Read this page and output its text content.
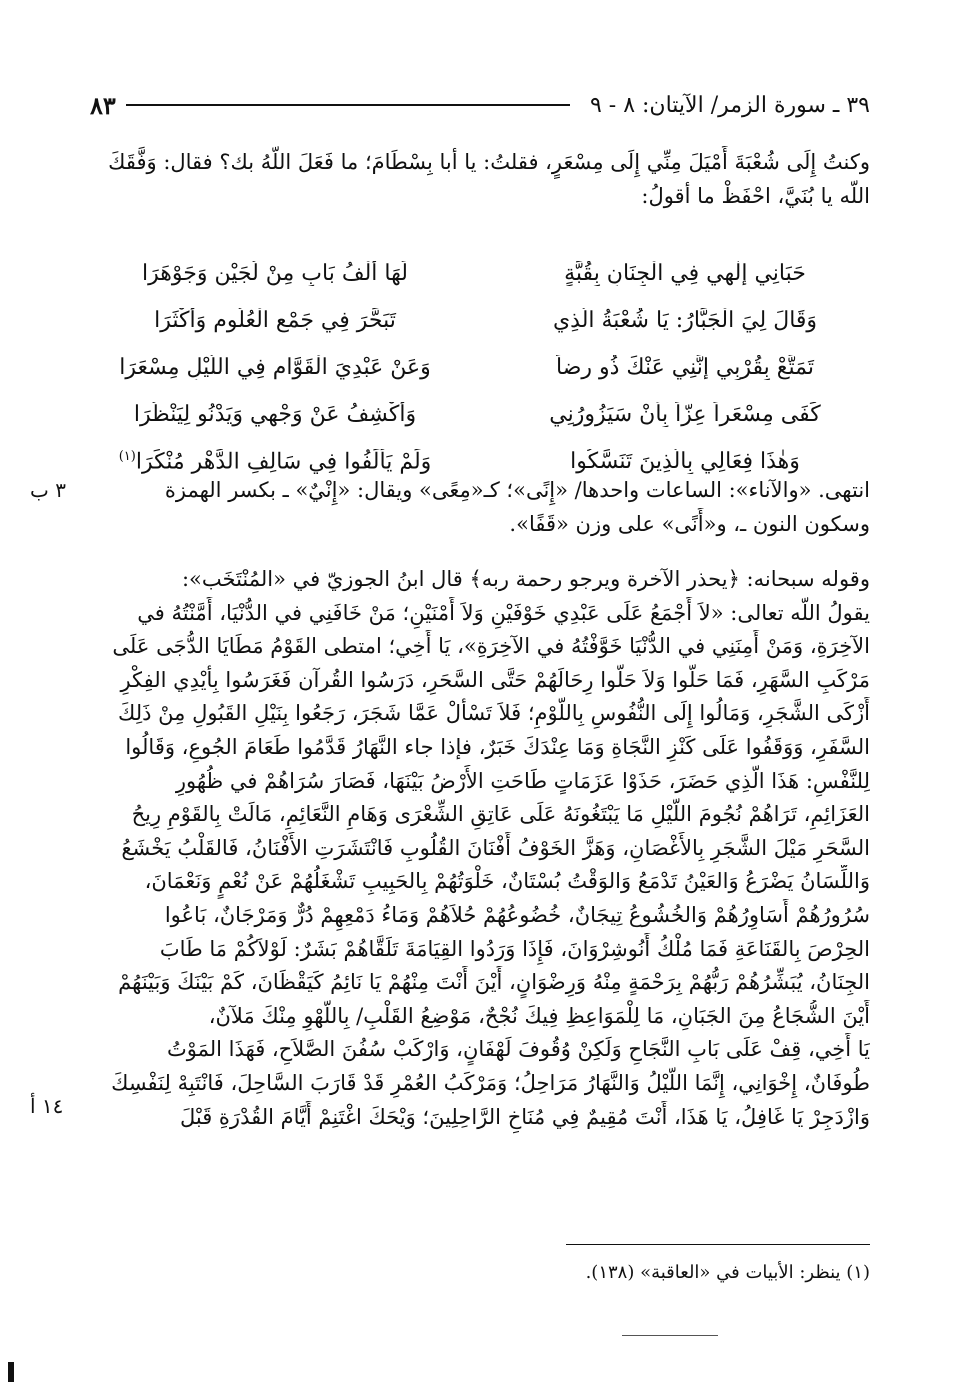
٣٩ ـ سورة الزمر/ الآيتان: ٨ - ٩
٨٣
وكنتُ إِلَى شُعْبَةَ أَمْيَلَ مِنِّي إِلَى مِسْعَرٍ، فقلتُ: يا أبا بِسْطَامَ؛ ما فَعَلَ اللّهُ بك؟ فقال: وَفَّقَكَ
اللّه يا بُنَيَّ، احْفَظْ ما أقولُ:
حَبَانِي إِلٰهِي فِي الْجِنَانِ بِقُبَّةٍ
لَهَا أَلْفُ بَابٍ مِنْ لُجَيْنٍ وَجَوْهَرَا
وَقَالَ لِيَ الْجَبَّارُ: يَا شُعْبَةُ الَّذِي
تَبَحَّرَ فِي جَمْعِ الْعُلُومِ وَأَكْثَرَا
تَمَتَّعْ بِقُرْبِي إِنَّنِي عَنْكَ ذُو رِضاً
وَعَنْ عَبْدِيَ الْقَوَّامِ فِي اللَّيْلِ مِسْعَرَا
كَفَى مِسْعَراً عِزّاً بِأَنْ سَيَزُورُنِي
وَأَكْشِفُ عَنْ وَجْهِي وَيَدْنُو لِيَنْظُرَا
وَهٰذَا فِعَالِي بِالَّذِينَ تَنَسَّكُوا
وَلَمْ يَأْلَفُوا فِي سَالِفِ الدَّهْرِ مُنْكَرَا$^{(١)}$
انتهى. «والآناء»: الساعات واحدها/ «إِنًى»؛ كـ«مِعًى» ويقال: «إِنْيٌ» ـ بكسر الهمزة
وسكون النون ـ، و«أَنًى» على وزن «قَفًا».
٣ ب
وقوله سبحانه: ﴿يحذر الآخرة ويرجو رحمة ربه﴾ قال ابنُ الجوزيّ في «المُنْتَخَب»:
يقولُ اللّه تعالى: «لاَ أَجْمَعُ عَلَى عَبْدِي خَوْفَيْنِ وَلاَ أَمْنَيْنِ؛ مَنْ خَافَنِي في الدُّنْيَا، أَمَّنْتُهُ في
الآخِرَةِ، وَمَنْ أَمِنَنِي في الدُّنْيَا خَوَّفْتُهُ في الآخِرَةِ»، يَا أَخِي؛ امتطى القَوْمُ مَطَايَا الدُّجَى عَلَى
مَرْكَبِ السَّهَرِ، فَمَا حَلُّوا وَلاَ حَلُّوا رِحَالَهُمْ حَتَّى السَّحَرِ، دَرَسُوا القُرآن فَغَرَسُوا بِأَيْدِي الفِكْرِ
أَزْكَى الشَّجَرِ، وَمَالُوا إِلَى النُّفُوسِ بِاللَّوْمِ؛ فَلاَ تَسْأَلْ عَمَّا شَجَرَ، رَجَعُوا بِنَيْلِ القَبُولِ مِنْ ذَلِكَ
السَّفَرِ، وَوَقَفُوا عَلَى كَنْزِ النَّجَاةِ وَمَا عِنْدَكَ خَبَرٌ، فإذا جاء النَّهَارُ قَدَّمُوا طَعَامَ الجُوعِ، وَقَالُوا
لِلنَّفْسِ: هَذَا الَّذِي حَضَرَ، حَذَوْا عَزَمَاتٍ طَاحَتِ الأَرْضُ بَيْنَهَا، فَصَارَ سُرَاهُمْ في ظُهُورِ
العَزَائِمِ، تَرَاهُمْ نُجُومَ اللَّيْلِ مَا يَبْتَغُونَهُ عَلَى عَاتِقِ الشِّعْرَى وَهَامِ النَّعَائِمِ، مَالَتْ بِالقَوْمِ رِيحُ
السَّحَرِ مَيْلَ الشَّجَرِ بِالأَغْصَانِ، وَهَزَّ الخَوْفُ أَفْنَانَ القُلُوبِ فَانْتَشَرَتِ الأَفْنَانُ، فَالقَلْبُ يَخْشَعُ
وَاللِّسَانُ يَضْرَعُ وَالعَيْنُ تَدْمَعُ وَالوَقْتُ بُسْتَانٌ، خَلْوَتُهُمْ بِالحَبِيبِ تَشْغَلُهُمْ عَنْ نُعْمٍ وَنَعْمَانَ،
سُرُورُهُمْ أَسَاوِرُهُمْ وَالخُشُوعُ تِيجَانٌ، خُضُوعُهُمْ حُلاَهُمْ وَمَاءُ دَمْعِهِمْ دُرٌّ وَمَرْجَانٌ، بَاعُوا
الحِرْصَ بِالقَنَاعَةِ فَمَا مُلْكُ أَنُوشِرْوَانَ، فَإِذَا وَرَدُوا القِيَامَةَ تَلَقَّاهُمْ بَشَرٌ: لَوْلاَكُمْ مَا طَابَ
الجِنَانُ، يُبَشِّرُهُمْ رَبُّهُمْ بِرَحْمَةٍ مِنْهُ وَرِضْوَانٍ، أَيْنَ أَنْتَ مِنْهُمْ يَا نَائِمُ كَيَقْظَانَ، كَمْ بَيْنَكَ وَبَيْنَهُمْ
أَيْنَ الشُّجَاعُ مِنَ الجَبَانِ، مَا لِلْمَوَاعِظِ فِيكَ نُجْحٌ، مَوْضِعُ القَلْبِ/ بِاللَّهْوِ مِنْكَ مَلآنٌ،
يَا أَخِي، قِفْ عَلَى بَابِ النَّجَاحِ وَلَكِنْ وُقُوفَ لَهْفَانٍ، وَارْكَبْ سُفُنَ الصَّلاَحِ، فَهَذَا المَوْتُ
طُوفَانٌ، إِخْوَانِي، إِنَّمَا اللَّيْلُ وَالنَّهَارُ مَرَاحِلُ؛ وَمَرْكَبُ العُمْرِ قَدْ قَارَبَ السَّاحِلَ، فَانْتَبِهْ لِنَفْسِكَ
وَازْدَجِرْ يَا غَافِلُ، يَا هَذَا، أَنْتَ مُقِيمٌ فِي مُنَاخِ الرَّاحِلِينَ؛ وَيْحَكَ اغْتَنِمْ أَيَّامَ القُدْرَةِ قَبْلَ
١٤ أ
(١) ينظر: الأبيات في «العاقبة» (١٣٨).
